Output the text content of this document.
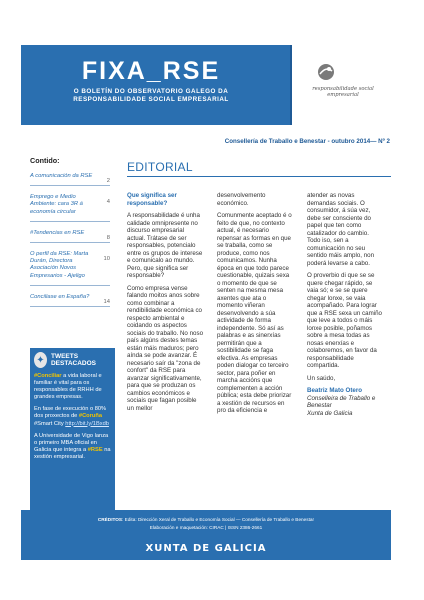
FIXA_RSE
O BOLETÍN DO OBSERVATORIO GALEGO DA
RESPONSABILIDADE SOCIAL EMPRESARIAL
responsabilidade social empresarial
Consellería de Traballo e Benestar - outubro 2014— Nº 2
Contido:
A comunicación da RSE
2
Emprego e Medio Ambiente: cara 3R á economía circular
4
#Tendencias en RSE
8
O perfil da RSE: Marta Durán, Directora Asociación Novos Empresarios - Ajeligo
10
Conciliase en España?
14
✦ TWEETS DESTACADOS
#Conciliar a vida laboral e familiar é vital para os responsables de RRHH de grandes empresas.
En fase de execución o 80% dos proxectos de #Coruña #Smart City http://bit.ly/1Bxdb
A Universidade de Vigo lanza o primeiro MBA oficial en Galicia que integra a #RSE na xestión empresarial.
EDITORIAL

Que significa ser responsable?

A responsabilidade é unha calidade omnipresente no discurso empresarial actual. Trátase de ser responsables, potencialo entre os grupos de interese e comunicalo ao mundo. Pero, que significa ser responsable?

Como empresa vense falando moitos anos sobre como combinar a rendibilidade económica co respecto ambiental e coidando os aspectos sociais do traballo. No noso país algúns destes temas están máis maduros; pero aínda se pode avanzar. É necesario saír da "zona de confort" da RSE para avanzar significativamente, para que se produzan os cambios económicos e sociais que fagan posible un mellor

desenvolvemento económico.

Comunmente aceptado é o feito de que, no contexto actual, é necesario repensar as formas en que se traballa, como se produce, como nos comunicamos. Nunha época en que todo parece cuestionable, quizais sexa o momento de que se senten na mesma mesa axentes que ata o momento viñeran desenvolvendo a súa actividade de forma independente. Só así as palabras e as sinerxías permitirán que a sostibilidade se faga efectiva. As empresas poden dialogar co terceiro sector, para poñer en marcha accións que complementen a acción pública; esta debe priorizar a xestión de recursos en pro da eficiencia e

atender as novas demandas sociais. O consumidor, á súa vez, debe ser consciente do papel que ten como catalizador do cambio. Todo iso, sen a comunicación no seu sentido máis amplo, non poderá levarse a cabo.

O proverbio di que se se quere chegar rápido, se vaia só; e se se quere chegar lonxe, se vaia acompañado. Para lograr que a RSE sexa un camiño que leve a todos o máis lonxe posible, poñamos sobre a mesa todas as nosas enerxías e colaboremos, en favor da responsabilidade compartida.

Un saúdo,

Beatriz Mato Otero
Conselleira de Traballo e Benestar
Xunta de Galicia
CRÉDITOS: Edita: Dirección Xeral de Traballo e Economía Social — Consellería de Traballo e Benestar
Elaboración e maquetación: CIRAC | ISSN 2386-2661
XUNTA DE GALICIA
